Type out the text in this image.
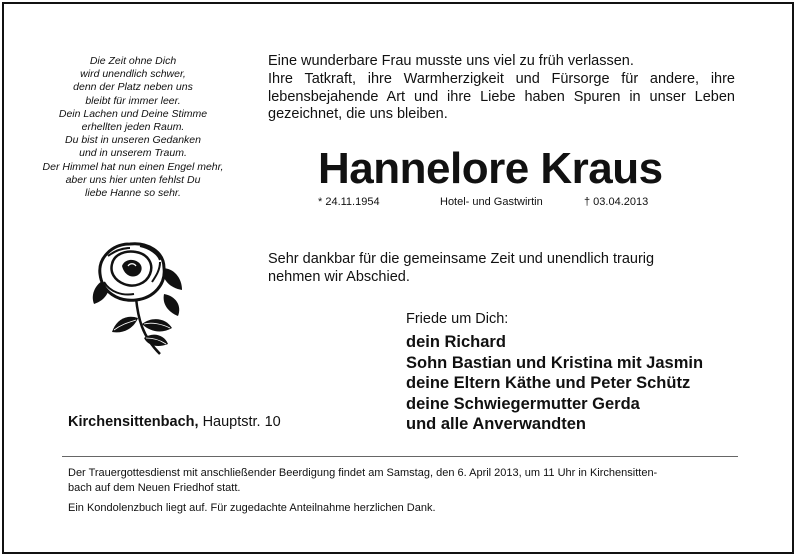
Die Zeit ohne Dich
wird unendlich schwer,
denn der Platz neben uns
bleibt für immer leer.
Dein Lachen und Deine Stimme
erhellten jeden Raum.
Du bist in unseren Gedanken
und in unserem Traum.
Der Himmel hat nun einen Engel mehr,
aber uns hier unten fehlst Du
liebe Hanne so sehr.
Eine wunderbare Frau musste uns viel zu früh verlassen.
Ihre Tatkraft, ihre Warmherzigkeit und Fürsorge für andere, ihre
lebensbejahende Art und ihre Liebe haben Spuren in unser Leben
gezeichnet, die uns bleiben.
Hannelore Kraus
* 24.11.1954	Hotel- und Gastwirtin	† 03.04.2013
Sehr dankbar für die gemeinsame Zeit und unendlich traurig
nehmen wir Abschied.
Friede um Dich:
dein Richard
Sohn Bastian und Kristina mit Jasmin
deine Eltern Käthe und Peter Schütz
deine Schwiegermutter Gerda
und alle Anverwandten
Kirchensittenbach, Hauptstr. 10
Der Trauergottesdienst mit anschließender Beerdigung findet am Samstag, den 6. April 2013, um 11 Uhr in Kirchensitten-
bach auf dem Neuen Friedhof statt.
Ein Kondolenzbuch liegt auf. Für zugedachte Anteilnahme herzlichen Dank.
